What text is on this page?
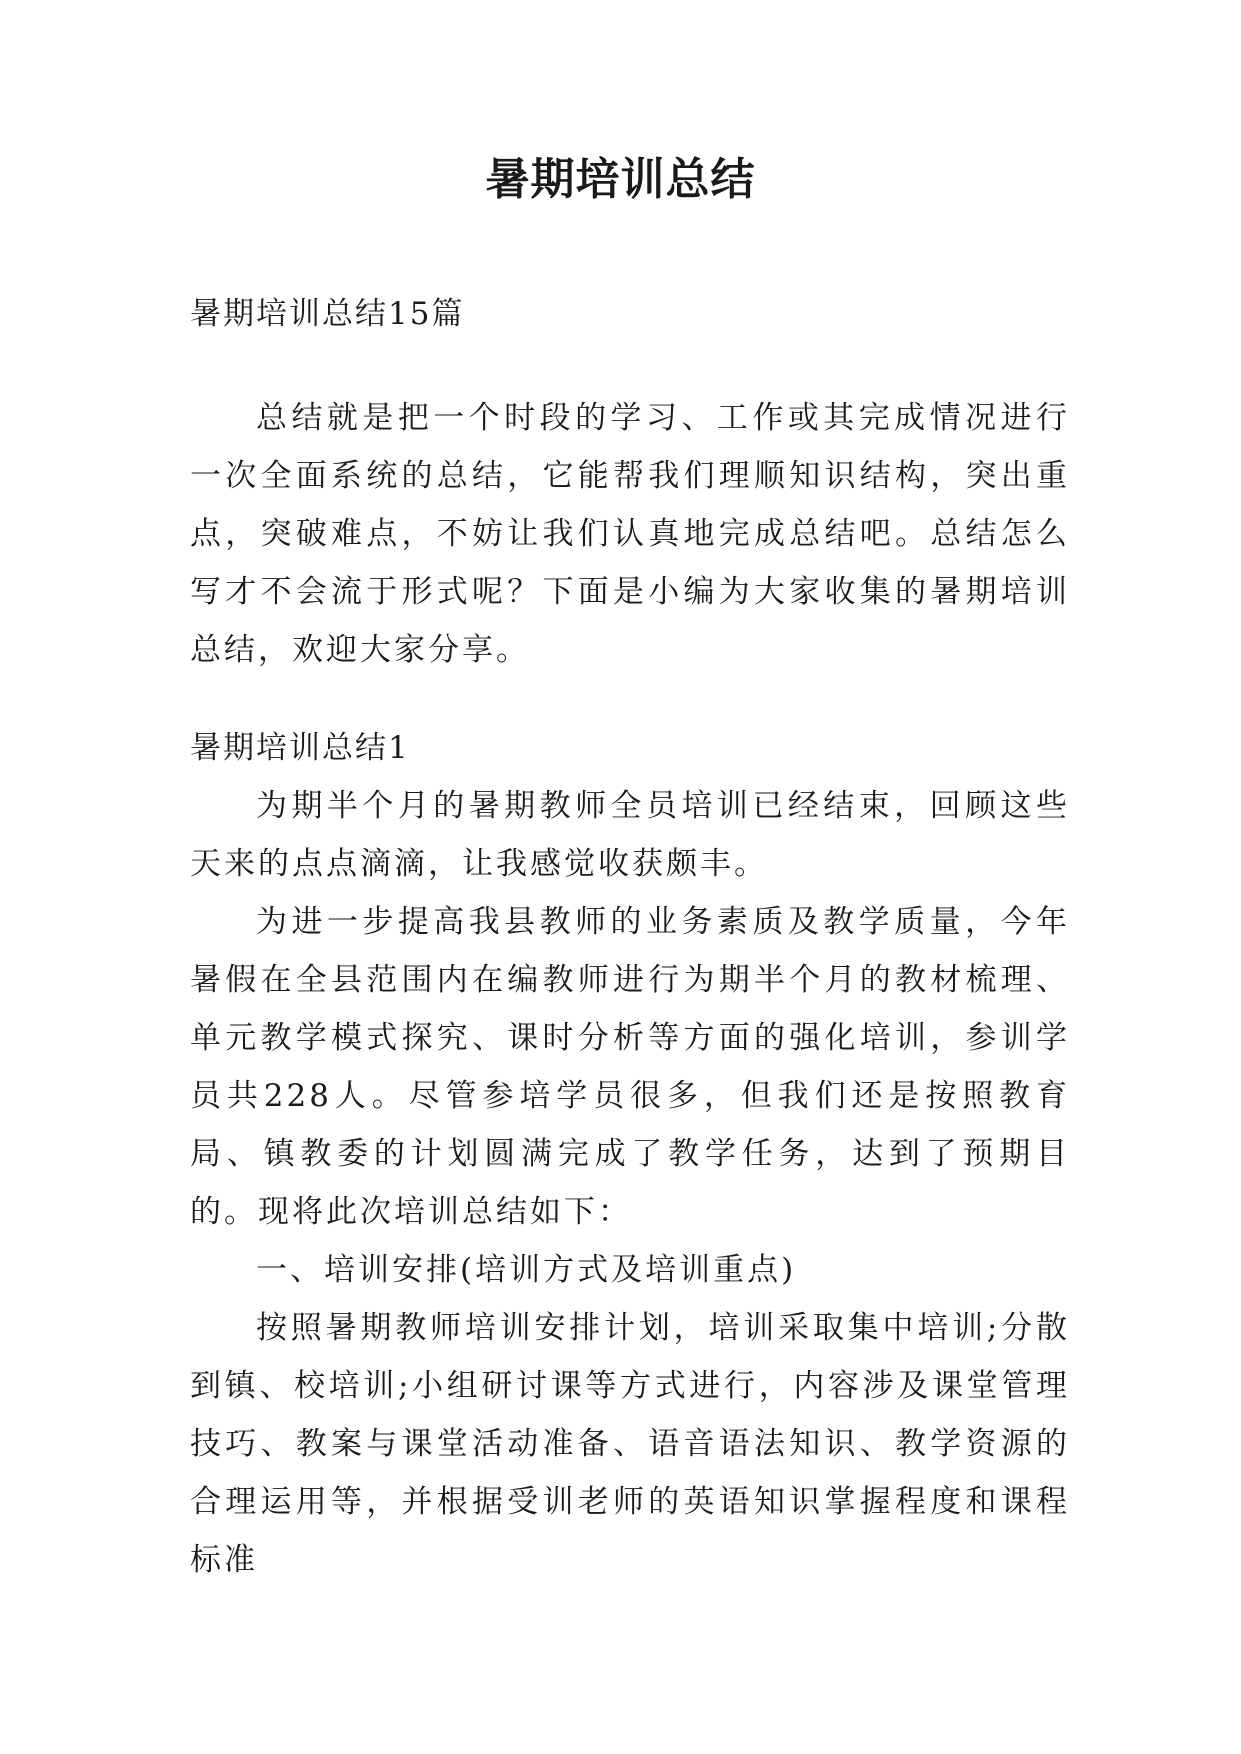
暑期培训总结

暑期培训总结15篇

总结就是把一个时段的学习、工作或其完成情况进行一次全面系统的总结，它能帮我们理顺知识结构，突出重点，突破难点，不妨让我们认真地完成总结吧。总结怎么写才不会流于形式呢？下面是小编为大家收集的暑期培训总结，欢迎大家分享。

暑期培训总结1

为期半个月的暑期教师全员培训已经结束，回顾这些天来的点点滴滴，让我感觉收获颇丰。

为进一步提高我县教师的业务素质及教学质量，今年暑假在全县范围内在编教师进行为期半个月的教材梳理、单元教学模式探究、课时分析等方面的强化培训，参训学员共228人。尽管参培学员很多，但我们还是按照教育局、镇教委的计划圆满完成了教学任务，达到了预期目的。现将此次培训总结如下：

一、培训安排(培训方式及培训重点)

按照暑期教师培训安排计划，培训采取集中培训;分散到镇、校培训;小组研讨课等方式进行，内容涉及课堂管理技巧、教案与课堂活动准备、语音语法知识、教学资源的合理运用等，并根据受训老师的英语知识掌握程度和课程标准
